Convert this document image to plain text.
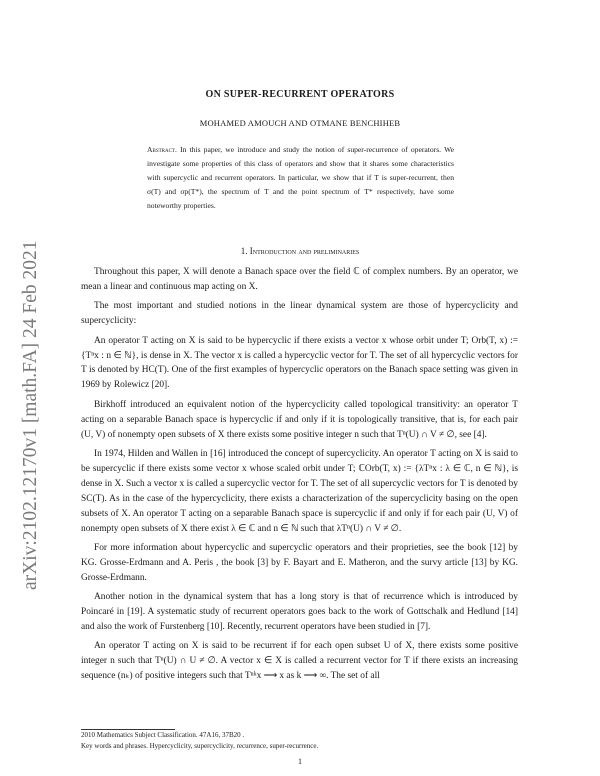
arXiv:2102.12170v1 [math.FA] 24 Feb 2021
ON SUPER-RECURRENT OPERATORS
MOHAMED AMOUCH AND OTMANE BENCHIHEB
Abstract. In this paper, we introduce and study the notion of super-recurrence of operators. We investigate some properties of this class of operators and show that it shares some characteristics with supercyclic and recurrent operators. In particular, we show that if T is super-recurrent, then σ(T) and σp(T*), the spectrum of T and the point spectrum of T* respectively, have some noteworthy properties.
1. Introduction and preliminaries

Throughout this paper, X will denote a Banach space over the field ℂ of complex numbers. By an operator, we mean a linear and continuous map acting on X.

The most important and studied notions in the linear dynamical system are those of hypercyclicity and supercyclicity:

An operator T acting on X is said to be hypercyclic if there exists a vector x whose orbit under T; Orb(T, x) := {Tⁿx : n ∈ ℕ}, is dense in X. The vector x is called a hypercyclic vector for T. The set of all hypercyclic vectors for T is denoted by HC(T). One of the first examples of hypercyclic operators on the Banach space setting was given in 1969 by Rolewicz [20].

Birkhoff introduced an equivalent notion of the hypercyclicity called topological transitivity: an operator T acting on a separable Banach space is hypercyclic if and only if it is topologically transitive, that is, for each pair (U, V) of nonempty open subsets of X there exists some positive integer n such that Tⁿ(U) ∩ V ≠ ∅, see [4].

In 1974, Hilden and Wallen in [16] introduced the concept of supercyclicity. An operator T acting on X is said to be supercyclic if there exists some vector x whose scaled orbit under T; ℂOrb(T, x) := {λTⁿx : λ ∈ ℂ, n ∈ ℕ}, is dense in X. Such a vector x is called a supercyclic vector for T. The set of all supercyclic vectors for T is denoted by SC(T). As in the case of the hypercyclicity, there exists a characterization of the supercyclicity basing on the open subsets of X. An operator T acting on a separable Banach space is supercyclic if and only if for each pair (U, V) of nonempty open subsets of X there exist λ ∈ ℂ and n ∈ ℕ such that λTⁿ(U) ∩ V ≠ ∅.

For more information about hypercyclic and supercyclic operators and their proprieties, see the book [12] by KG. Grosse-Erdmann and A. Peris , the book [3] by F. Bayart and E. Matheron, and the survy article [13] by KG. Grosse-Erdmann.

Another notion in the dynamical system that has a long story is that of recurrence which is introduced by Poincaré in [19]. A systematic study of recurrent operators goes back to the work of Gottschalk and Hedlund [14] and also the work of Furstenberg [10]. Recently, recurrent operators have been studied in [7].

An operator T acting on X is said to be recurrent if for each open subset U of X, there exists some positive integer n such that Tⁿ(U) ∩ U ≠ ∅. A vector x ∈ X is called a recurrent vector for T if there exists an increasing sequence (nₖ) of positive integers such that Tⁿᵏx ⟶ x as k ⟶ ∞. The set of all

2010 Mathematics Subject Classification. 47A16, 37B20 .
Key words and phrases. Hypercyclicity, supercyclicity, recurrence, super-recurrence.
1
